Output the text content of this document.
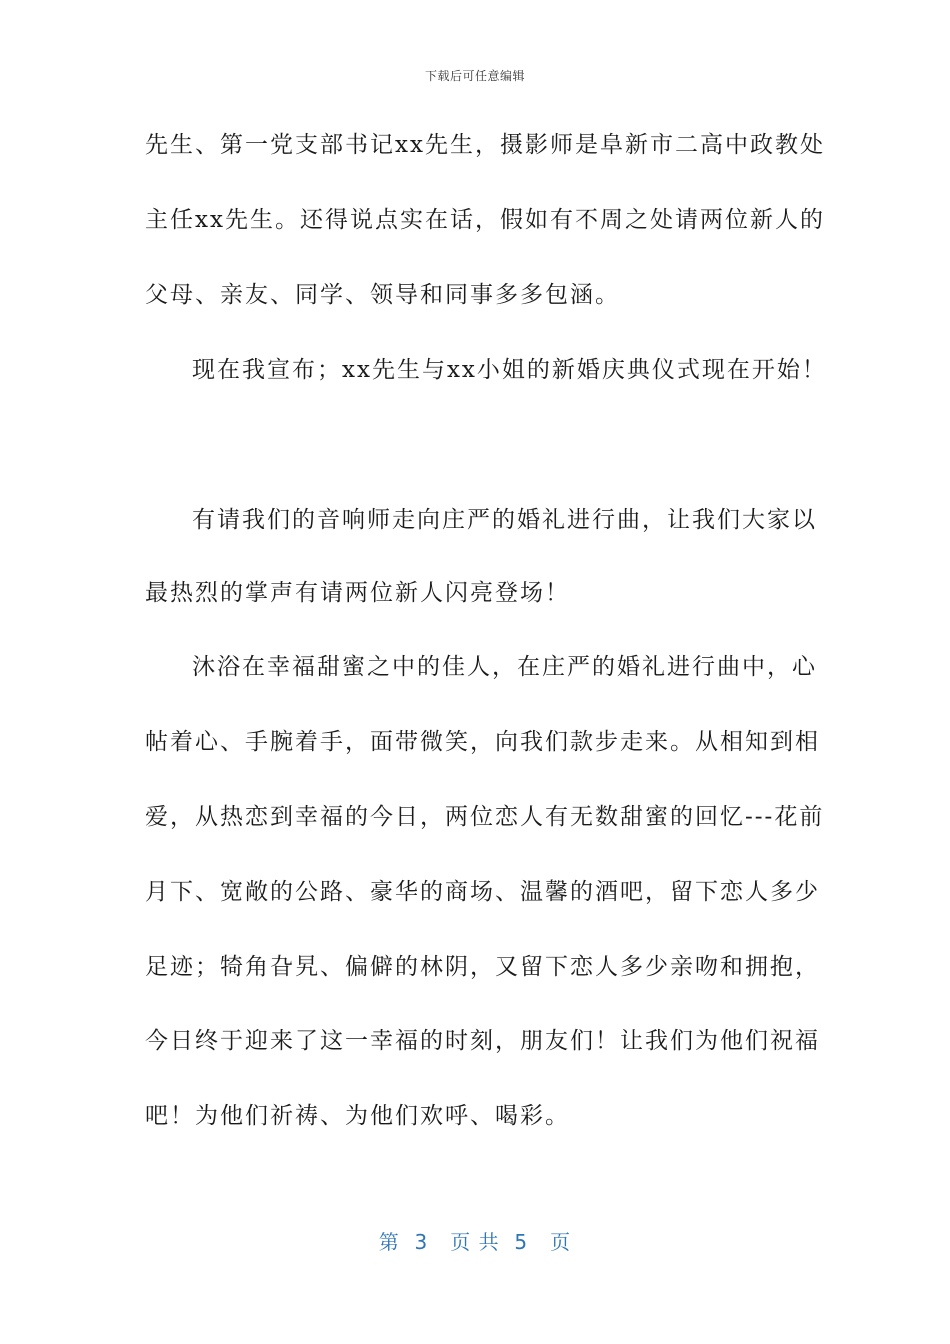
下载后可任意编辑
先生、第一党支部书记xx先生，摄影师是阜新市二高中政教处
主任xx先生。还得说点实在话，假如有不周之处请两位新人的
父母、亲友、同学、领导和同事多多包涵。
现在我宣布；xx先生与xx小姐的新婚庆典仪式现在开始！
有请我们的音响师走向庄严的婚礼进行曲，让我们大家以
最热烈的掌声有请两位新人闪亮登场！
沐浴在幸福甜蜜之中的佳人，在庄严的婚礼进行曲中，心
帖着心、手腕着手，面带微笑，向我们款步走来。从相知到相
爱，从热恋到幸福的今日，两位恋人有无数甜蜜的回忆---花前
月下、宽敞的公路、豪华的商场、温馨的酒吧，留下恋人多少
足迹；犄角旮旯、偏僻的林阴，又留下恋人多少亲吻和拥抱，
今日终于迎来了这一幸福的时刻，朋友们！让我们为他们祝福
吧！为他们祈祷、为他们欢呼、喝彩。
第  3   页 共  5   页
